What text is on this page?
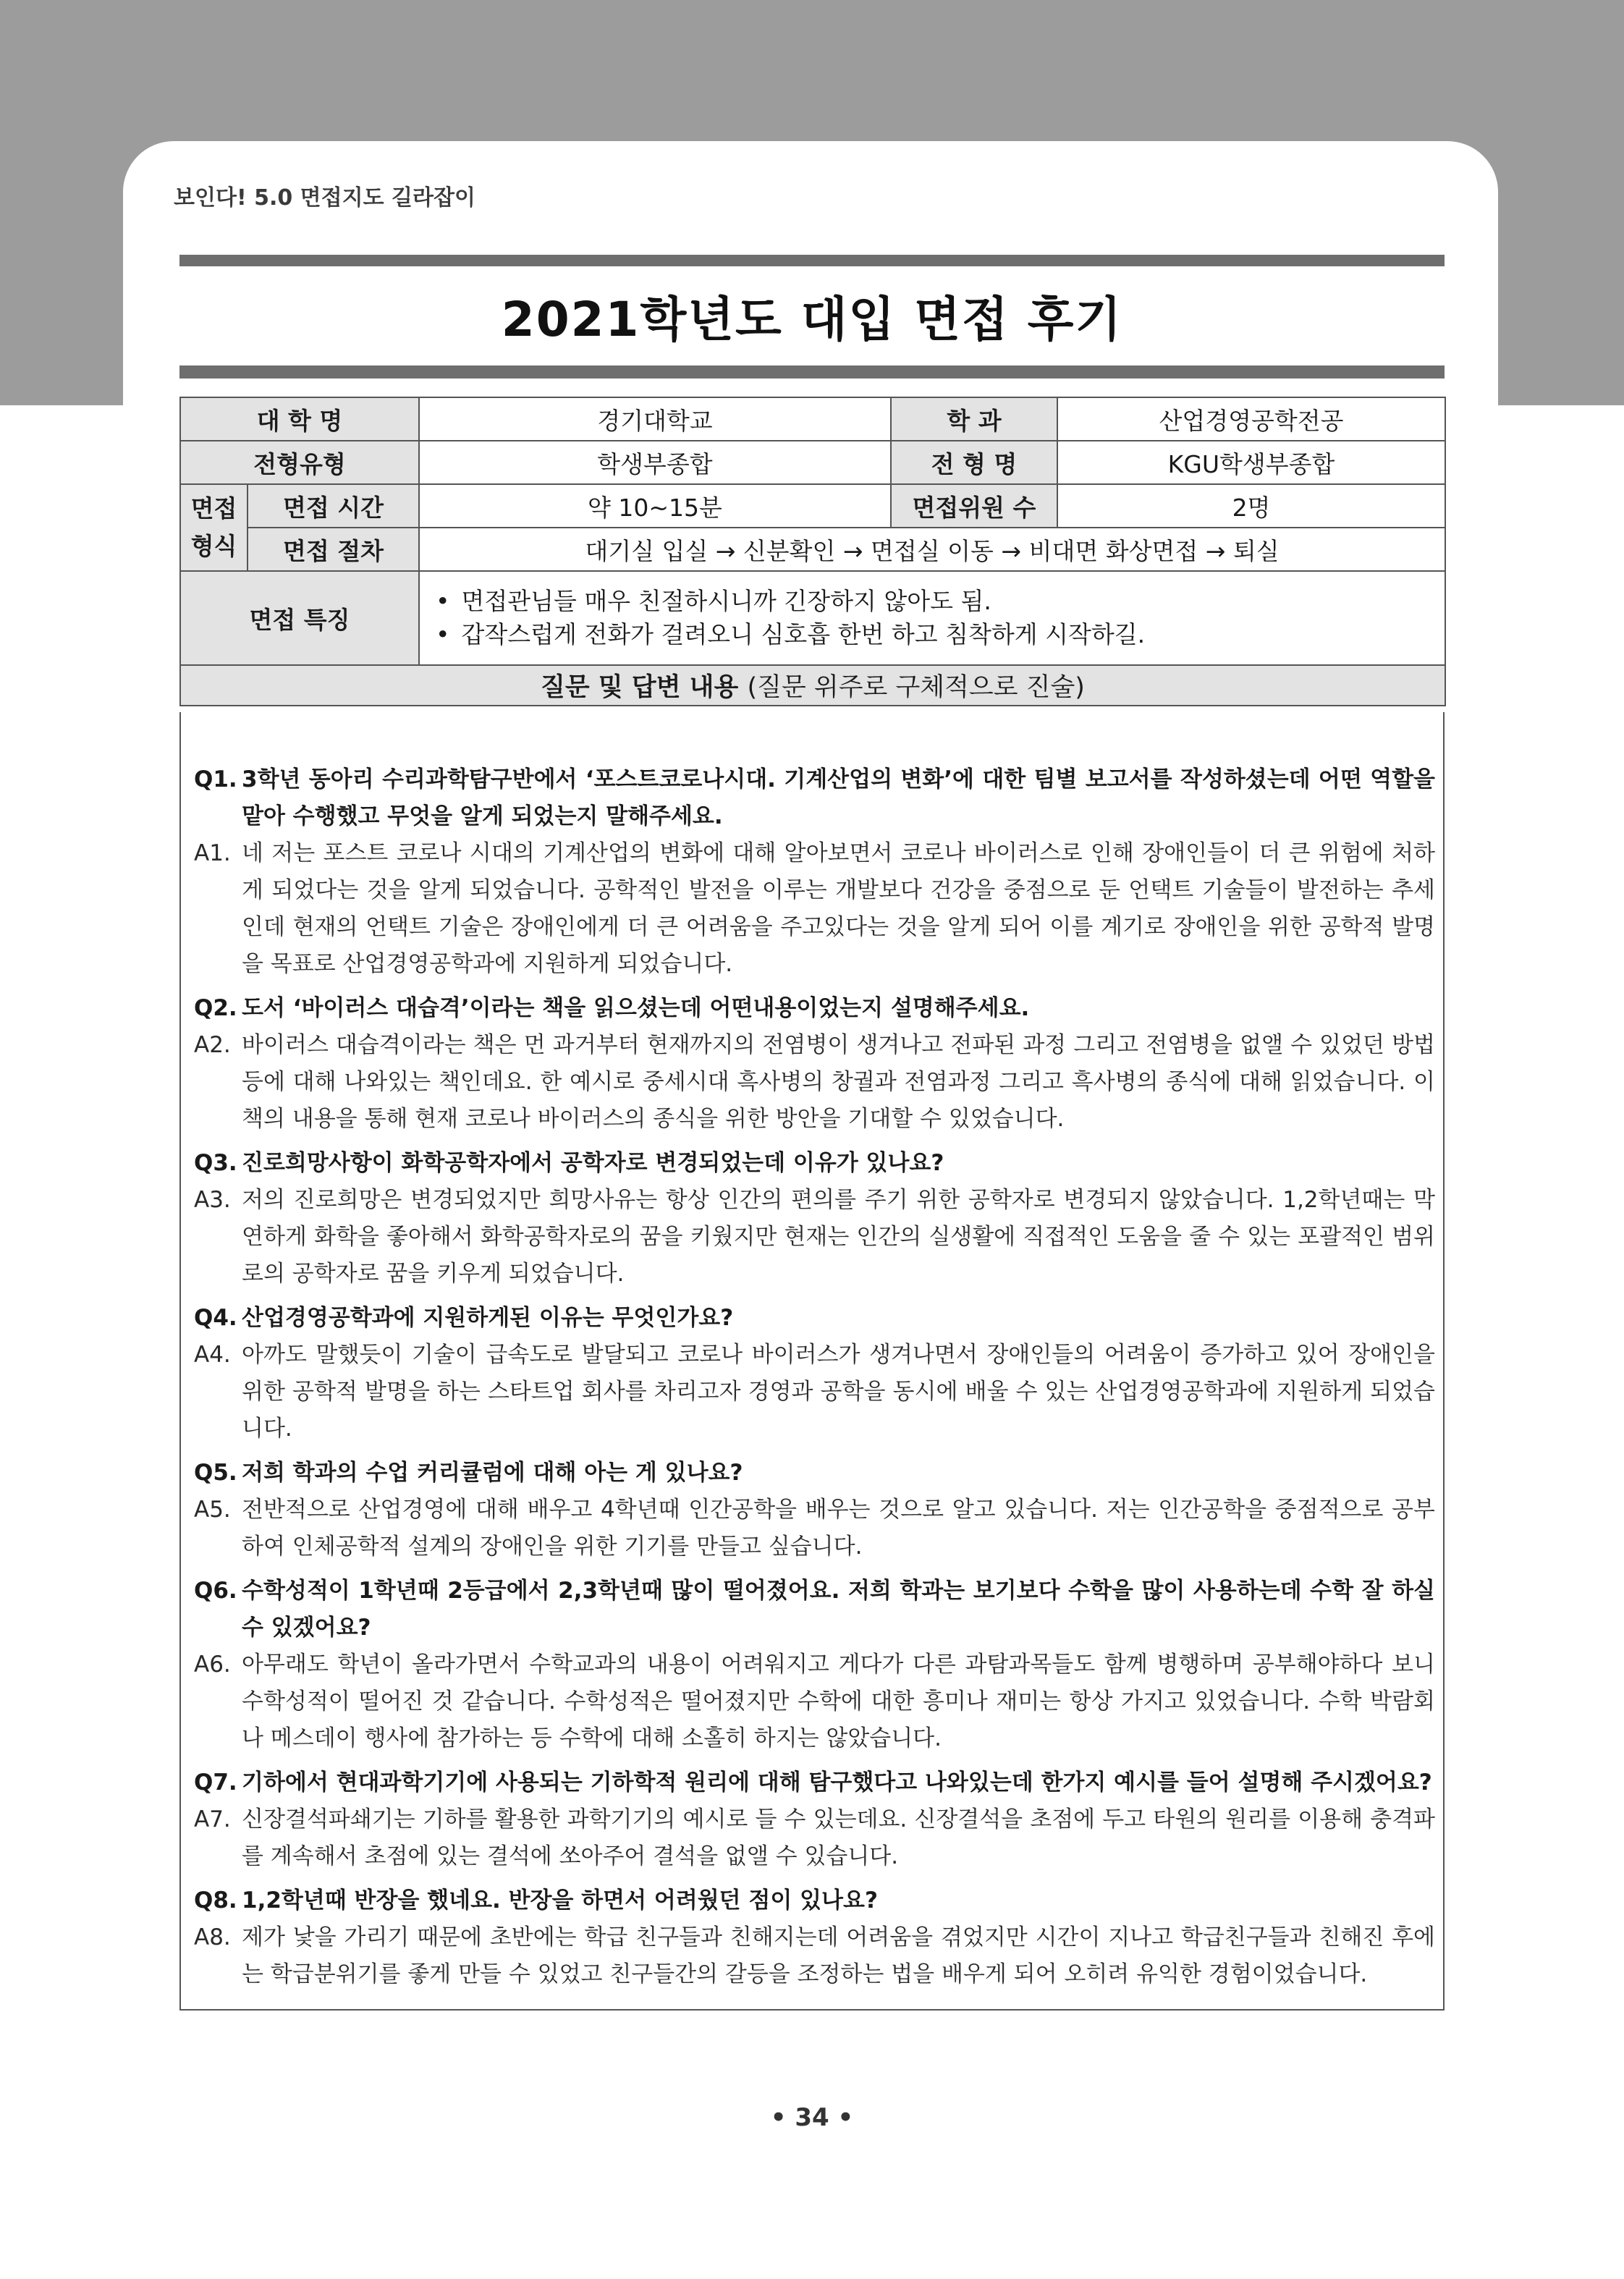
보인다! 5.0 면접지도 길라잡이
2021학년도 대입 면접 후기
대 학 명		경기대학교	학 과	산업경영공학전공
전형유형		학생부종합	전 형 명	KGU학생부종합
면접 형식	면접 시간	약 10~15분	면접위원 수	2명
	면접 절차	대기실 입실 → 신분확인 → 면접실 이동 → 비대면 화상면접 → 퇴실		
면접 특징		• 면접관님들 매우 친절하시니까 긴장하지 않아도 됨.
• 갑작스럽게 전화가 걸려오니 심호흡 한번 하고 침착하게 시작하길.

질문 및 답변 내용 (질문 위주로 구체적으로 진술)				
Q1. 3학년 동아리 수리과학탐구반에서 ‘포스트코로나시대. 기계산업의 변화’에 대한 팀별 보고서를 작성하셨는데 어떤 역할을 맡아 수행했고 무엇을 알게 되었는지 말해주세요.
A1. 네 저는 포스트 코로나 시대의 기계산업의 변화에 대해 알아보면서 코로나 바이러스로 인해 장애인들이 더 큰 위험에 처하게 되었다는 것을 알게 되었습니다. 공학적인 발전을 이루는 개발보다 건강을 중점으로 둔 언택트 기술들이 발전하는 추세인데 현재의 언택트 기술은 장애인에게 더 큰 어려움을 주고있다는 것을 알게 되어 이를 계기로 장애인을 위한 공학적 발명을 목표로 산업경영공학과에 지원하게 되었습니다.
Q2. 도서 ‘바이러스 대습격’이라는 책을 읽으셨는데 어떤내용이었는지 설명해주세요.
A2. 바이러스 대습격이라는 책은 먼 과거부터 현재까지의 전염병이 생겨나고 전파된 과정 그리고 전염병을 없앨 수 있었던 방법 등에 대해 나와있는 책인데요. 한 예시로 중세시대 흑사병의 창궐과 전염과정 그리고 흑사병의 종식에 대해 읽었습니다. 이 책의 내용을 통해 현재 코로나 바이러스의 종식을 위한 방안을 기대할 수 있었습니다.
Q3. 진로희망사항이 화학공학자에서 공학자로 변경되었는데 이유가 있나요?
A3. 저의 진로희망은 변경되었지만 희망사유는 항상 인간의 편의를 주기 위한 공학자로 변경되지 않았습니다. 1,2학년때는 막연하게 화학을 좋아해서 화학공학자로의 꿈을 키웠지만 현재는 인간의 실생활에 직접적인 도움을 줄 수 있는 포괄적인 범위로의 공학자로 꿈을 키우게 되었습니다.
Q4. 산업경영공학과에 지원하게된 이유는 무엇인가요?
A4. 아까도 말했듯이 기술이 급속도로 발달되고 코로나 바이러스가 생겨나면서 장애인들의 어려움이 증가하고 있어 장애인을 위한 공학적 발명을 하는 스타트업 회사를 차리고자 경영과 공학을 동시에 배울 수 있는 산업경영공학과에 지원하게 되었습니다.
Q5. 저희 학과의 수업 커리큘럼에 대해 아는 게 있나요?
A5. 전반적으로 산업경영에 대해 배우고 4학년때 인간공학을 배우는 것으로 알고 있습니다. 저는 인간공학을 중점적으로 공부하여 인체공학적 설계의 장애인을 위한 기기를 만들고 싶습니다.
Q6. 수학성적이 1학년때 2등급에서 2,3학년때 많이 떨어졌어요. 저희 학과는 보기보다 수학을 많이 사용하는데 수학 잘 하실 수 있겠어요?
A6. 아무래도 학년이 올라가면서 수학교과의 내용이 어려워지고 게다가 다른 과탐과목들도 함께 병행하며 공부해야하다 보니 수학성적이 떨어진 것 같습니다. 수학성적은 떨어졌지만 수학에 대한 흥미나 재미는 항상 가지고 있었습니다. 수학 박람회나 메스데이 행사에 참가하는 등 수학에 대해 소홀히 하지는 않았습니다.
Q7. 기하에서 현대과학기기에 사용되는 기하학적 원리에 대해 탐구했다고 나와있는데 한가지 예시를 들어 설명해 주시겠어요?
A7. 신장결석파쇄기는 기하를 활용한 과학기기의 예시로 들 수 있는데요. 신장결석을 초점에 두고 타원의 원리를 이용해 충격파를 계속해서 초점에 있는 결석에 쏘아주어 결석을 없앨 수 있습니다.
Q8. 1,2학년때 반장을 했네요. 반장을 하면서 어려웠던 점이 있나요?
A8. 제가 낯을 가리기 때문에 초반에는 학급 친구들과 친해지는데 어려움을 겪었지만 시간이 지나고 학급친구들과 친해진 후에는 학급분위기를 좋게 만들 수 있었고 친구들간의 갈등을 조정하는 법을 배우게 되어 오히려 유익한 경험이었습니다.
• 34 •
